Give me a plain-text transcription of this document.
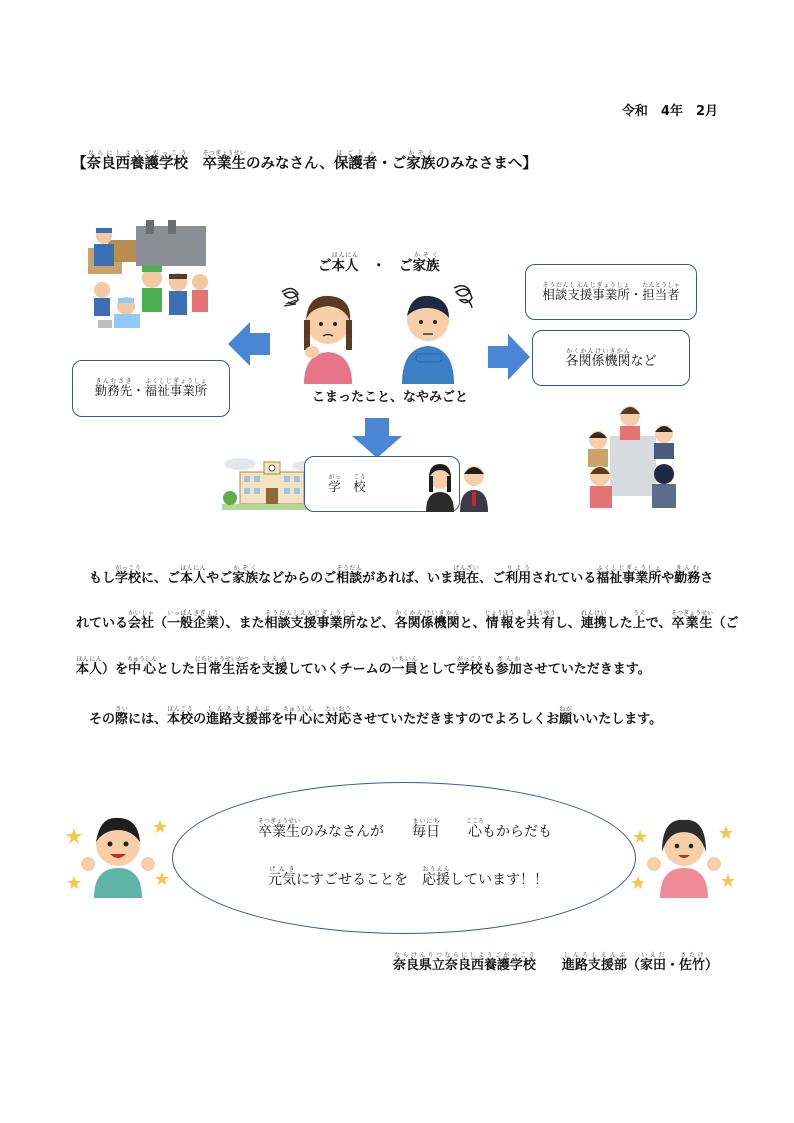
令和　4年　2月
【奈良西養護学校ならにしようごがっこう　卒業生そつぎょうせいのみなさん、保護者ほごしゃ・ご家族かぞくのみなさまへ】
勤務先きんむさき・福祉事業所ふくしじぎょうしょ
ご本人ほんにん　・　ご家族かぞく
こまったこと、なやみごと
相談支援事業所そうだんしえんじぎょうしょ・担当者たんとうしゃ
各関係機関かくかんけいきかんなど
学がっ　校こう
　もし学校がっこうに、ご本人ほんにんやご家族かぞくなどからのご相談そうだんがあれば、いま現在げんざい、ご利用りようされている福祉事業所ふくしじぎょうしょや勤務きんむさ
れている会社かいしゃ（一般企業いっぱんきぎょう）、また相談支援事業所そうだんしえんじぎょうしょなど、各関係機関かくかんけいきかんと、情報じょうほうを共有きょうゆうし、連携れんけいした上うえで、卒業生そつぎょうせい（ご
本人ほんにん）を中心ちゅうしんとした日常生活にちじょうせいかつを支援しえんしていくチームの一員いちいんとして学校がっこうも参加さんかさせていただきます。
　その際さいには、本校ほんこうの進路支援部しんろしえんぶを中心ちゅうしんに対応たいおうさせていただきますのでよろしくお願ねがいいたします。
卒業生そつぎょうせいのみなさんが　　毎日まいにち　　心こころもからだも
元気げんきにすごせることを　応援おうえんしています！！
奈良県立奈良西養護学校ならけんりつならにしようごがっこう　　進路支援部しんろしえんぶ（家田いえだ・佐竹さたけ）
